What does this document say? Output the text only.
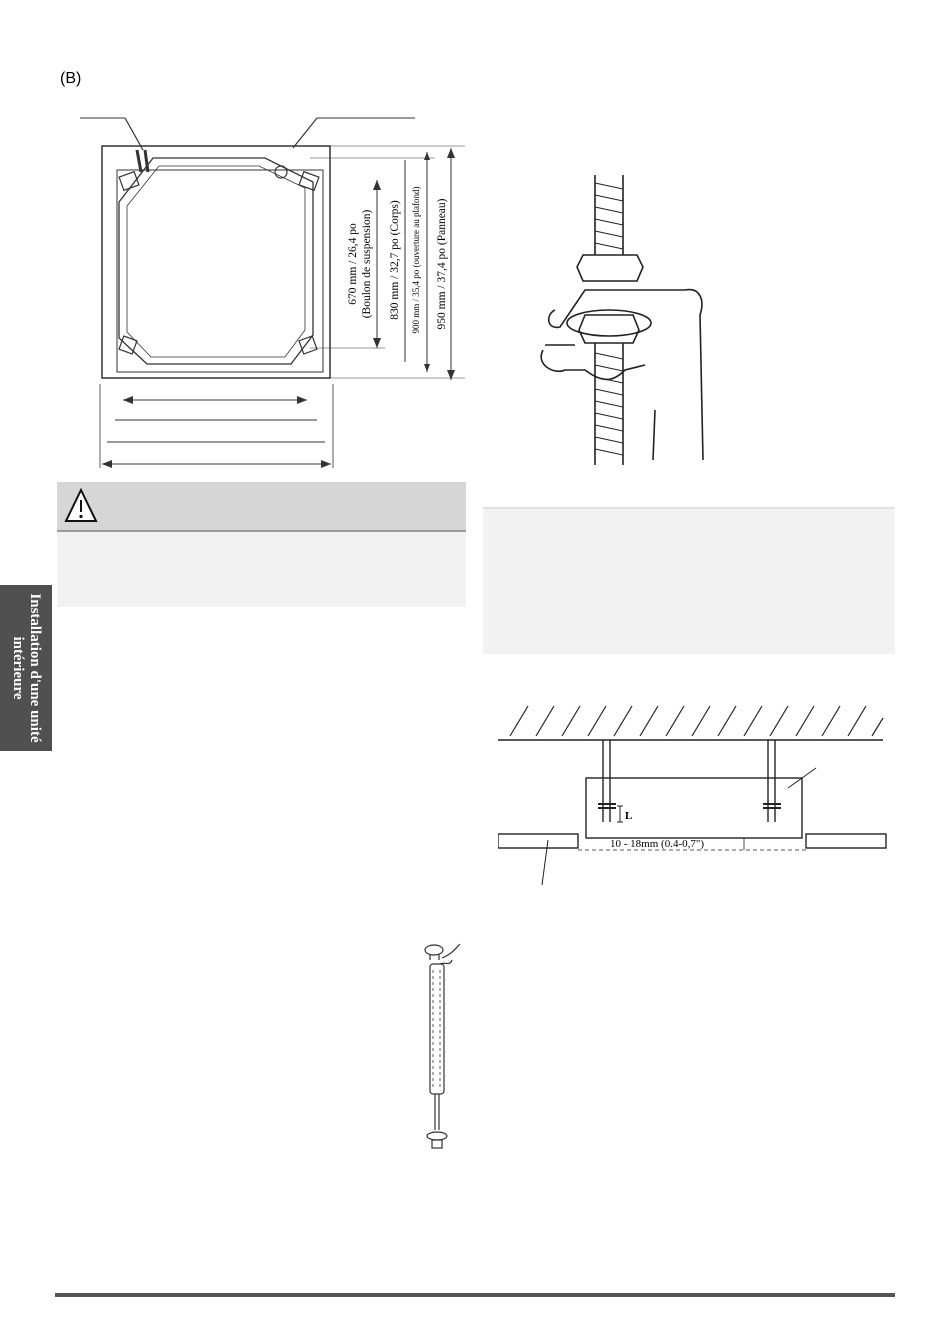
(B)
670 mm / 26,4 po (Boulon de suspension) 830 mm / 32,7 po (Corps) 900 mm / 35,4 po (ouverture au plafond) 950 mm / 37,4 po (Panneau)
Installation d'une unité
intérieure
L
10 - 18mm (0.4-0,7")
